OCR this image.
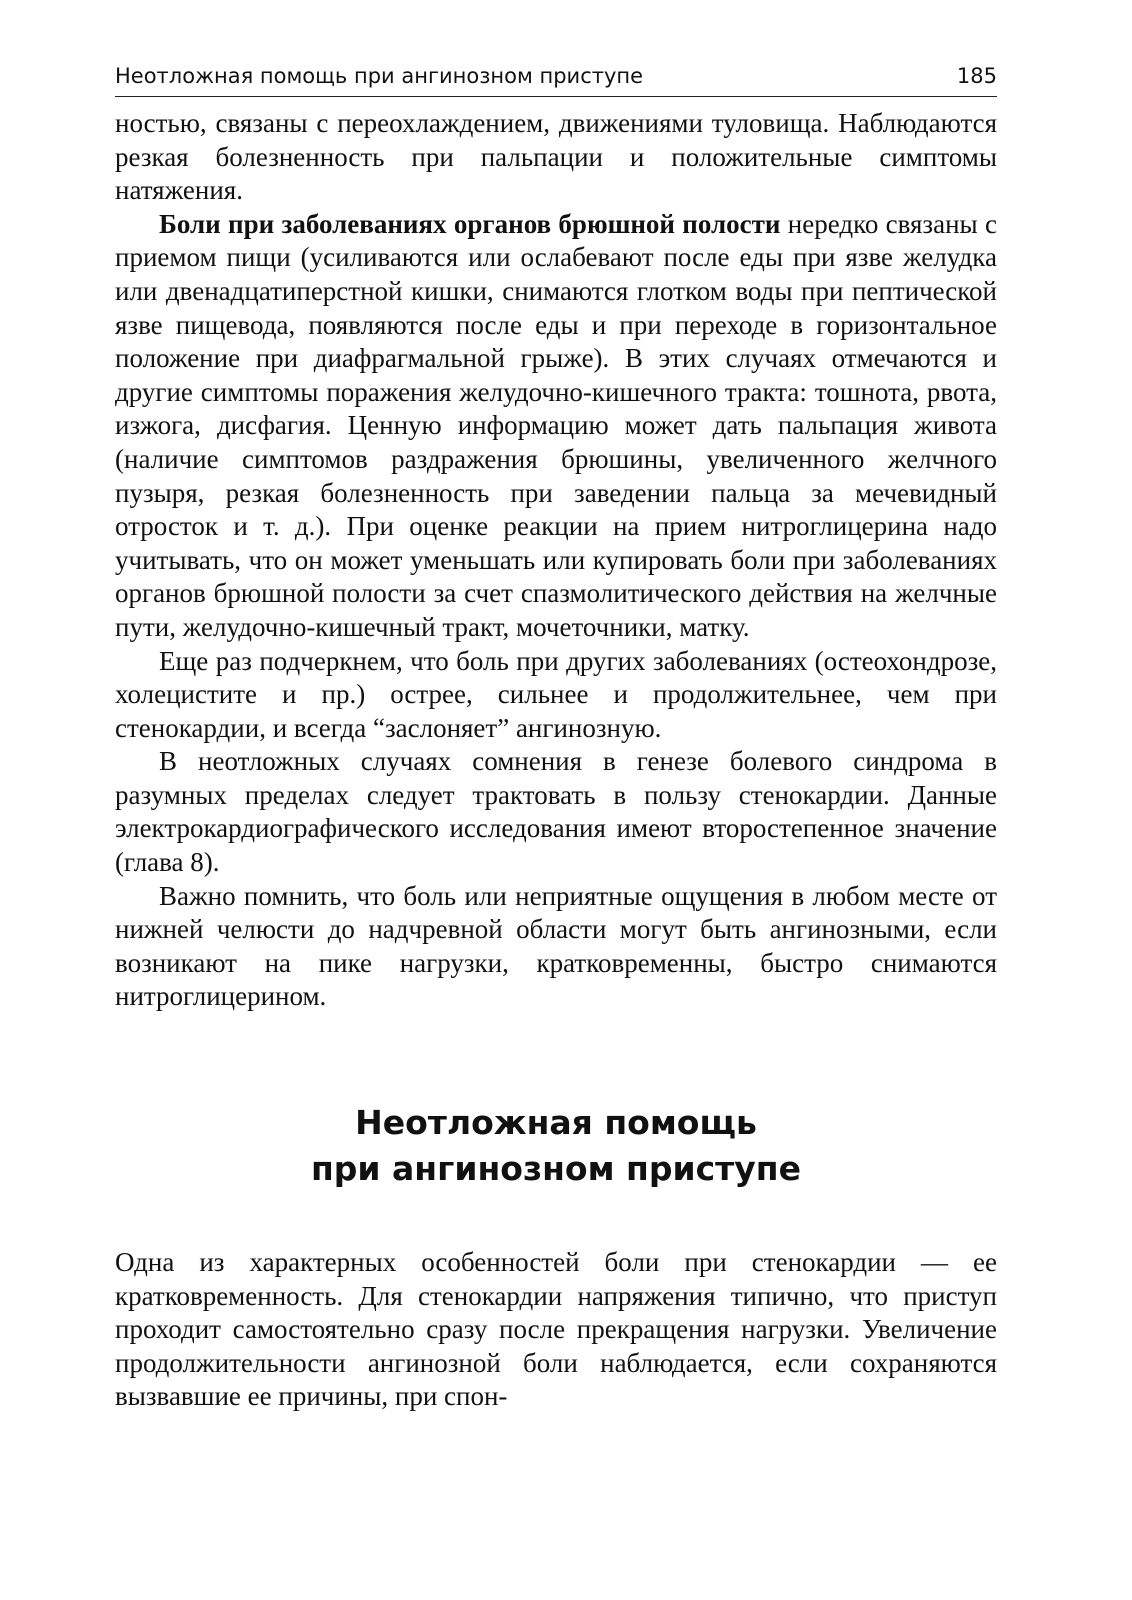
Неотложная помощь при ангинозном приступе	185

ностью, связаны с переохлаждением, движениями туловища. Наблюдаются резкая болезненность при пальпации и положительные симптомы натяжения.

Боли при заболеваниях органов брюшной полости нередко связаны с приемом пищи (усиливаются или ослабевают после еды при язве желудка или двенадцатиперстной кишки, снимаются глотком воды при пептической язве пищевода, появляются после еды и при переходе в горизонтальное положение при диафрагмальной грыже). В этих случаях отмечаются и другие симптомы поражения желудочно-кишечного тракта: тошнота, рвота, изжога, дисфагия. Ценную информацию может дать пальпация живота (наличие симптомов раздражения брюшины, увеличенного желчного пузыря, резкая болезненность при заведении пальца за мечевидный отросток и т. д.). При оценке реакции на прием нитроглицерина надо учитывать, что он может уменьшать или купировать боли при заболеваниях органов брюшной полости за счет спазмолитического действия на желчные пути, желудочно-кишечный тракт, мочеточники, матку.

Еще раз подчеркнем, что боль при других заболеваниях (остеохондрозе, холецистите и пр.) острее, сильнее и продолжительнее, чем при стенокардии, и всегда “заслоняет” ангинозную.

В неотложных случаях сомнения в генезе болевого синдрома в разумных пределах следует трактовать в пользу стенокардии. Данные электрокардиографического исследования имеют второстепенное значение (глава 8).

Важно помнить, что боль или неприятные ощущения в любом месте от нижней челюсти до надчревной области могут быть ангинозными, если возникают на пике нагрузки, кратковременны, быстро снимаются нитроглицерином.

Неотложная помощь
при ангинозном приступе

Одна из характерных особенностей боли при стенокардии — ее кратковременность. Для стенокардии напряжения типично, что приступ проходит самостоятельно сразу после прекращения нагрузки. Увеличение продолжительности ангинозной боли наблюдается, если сохраняются вызвавшие ее причины, при спон-
